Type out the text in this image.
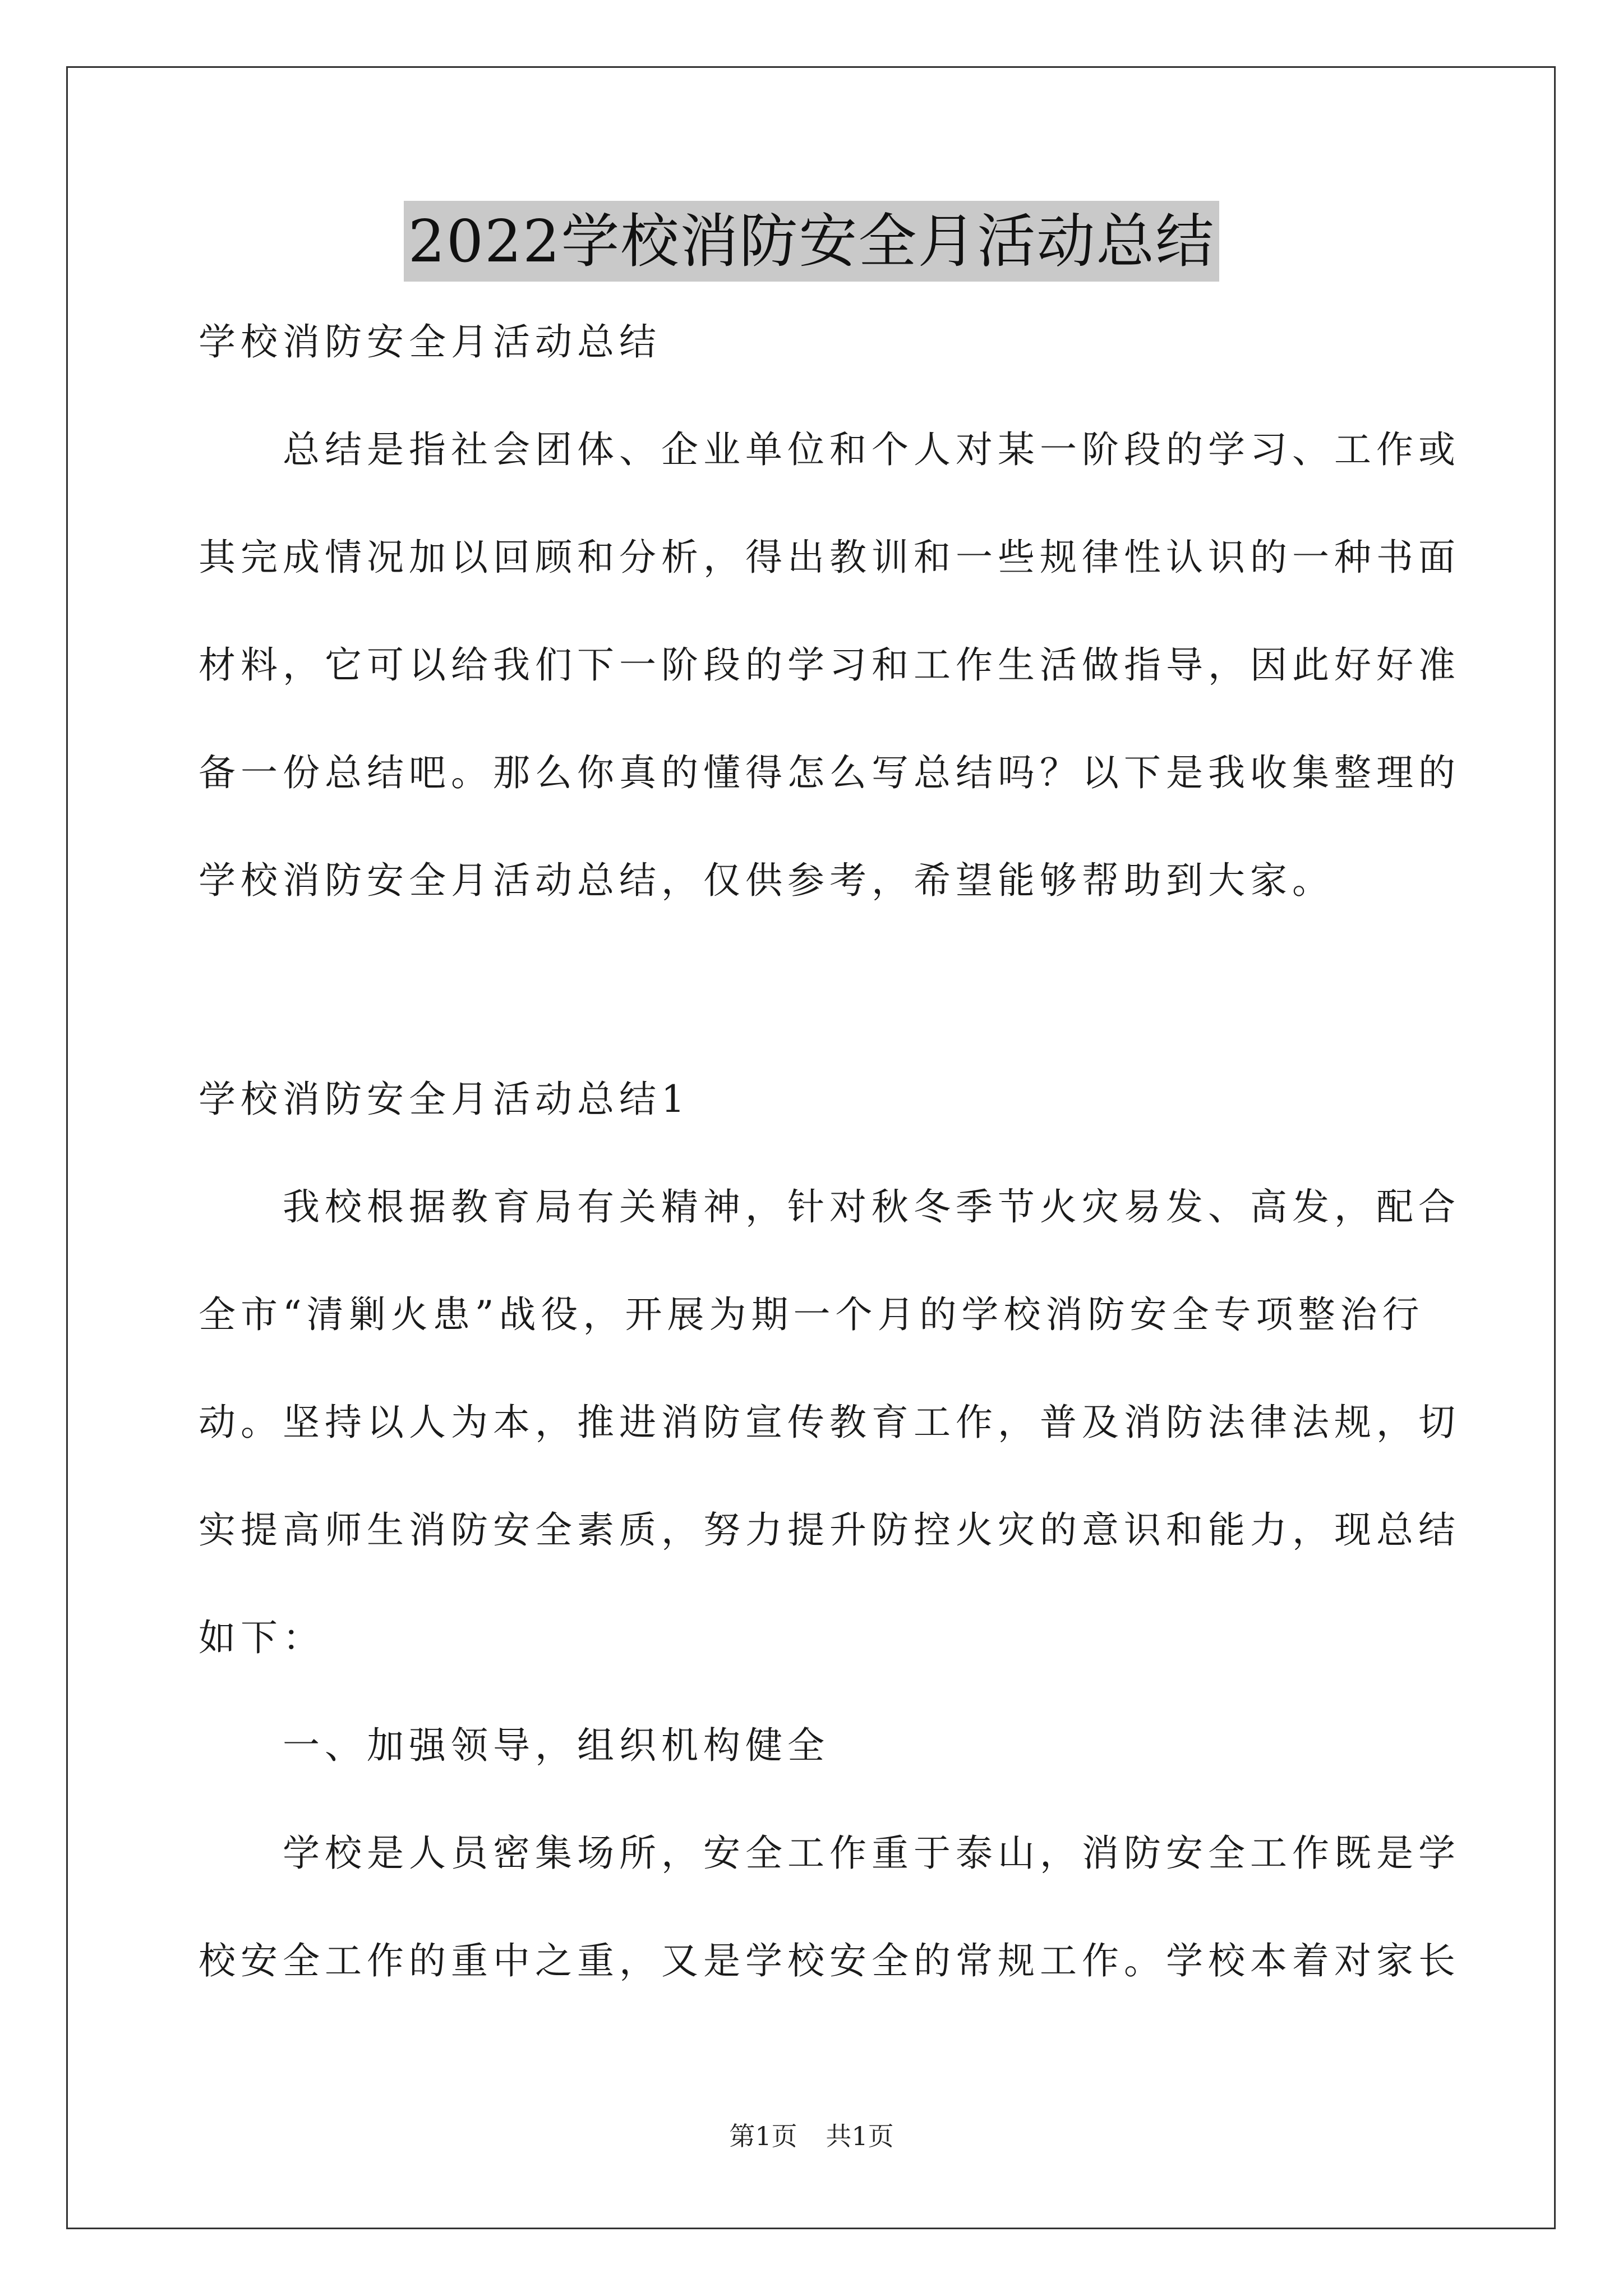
2022学校消防安全月活动总结
学校消防安全月活动总结
　　总结是指社会团体、企业单位和个人对某一阶段的学习、工作或
其完成情况加以回顾和分析，得出教训和一些规律性认识的一种书面
材料，它可以给我们下一阶段的学习和工作生活做指导，因此好好准
备一份总结吧。那么你真的懂得怎么写总结吗？以下是我收集整理的
学校消防安全月活动总结，仅供参考，希望能够帮助到大家。
学校消防安全月活动总结1
　　我校根据教育局有关精神，针对秋冬季节火灾易发、高发，配合
全市“清剿火患”战役，开展为期一个月的学校消防安全专项整治行
动。坚持以人为本，推进消防宣传教育工作，普及消防法律法规，切
实提高师生消防安全素质，努力提升防控火灾的意识和能力，现总结
如下：
　　一、加强领导，组织机构健全
　　学校是人员密集场所，安全工作重于泰山，消防安全工作既是学
校安全工作的重中之重，又是学校安全的常规工作。学校本着对家长
第1页 共1页
